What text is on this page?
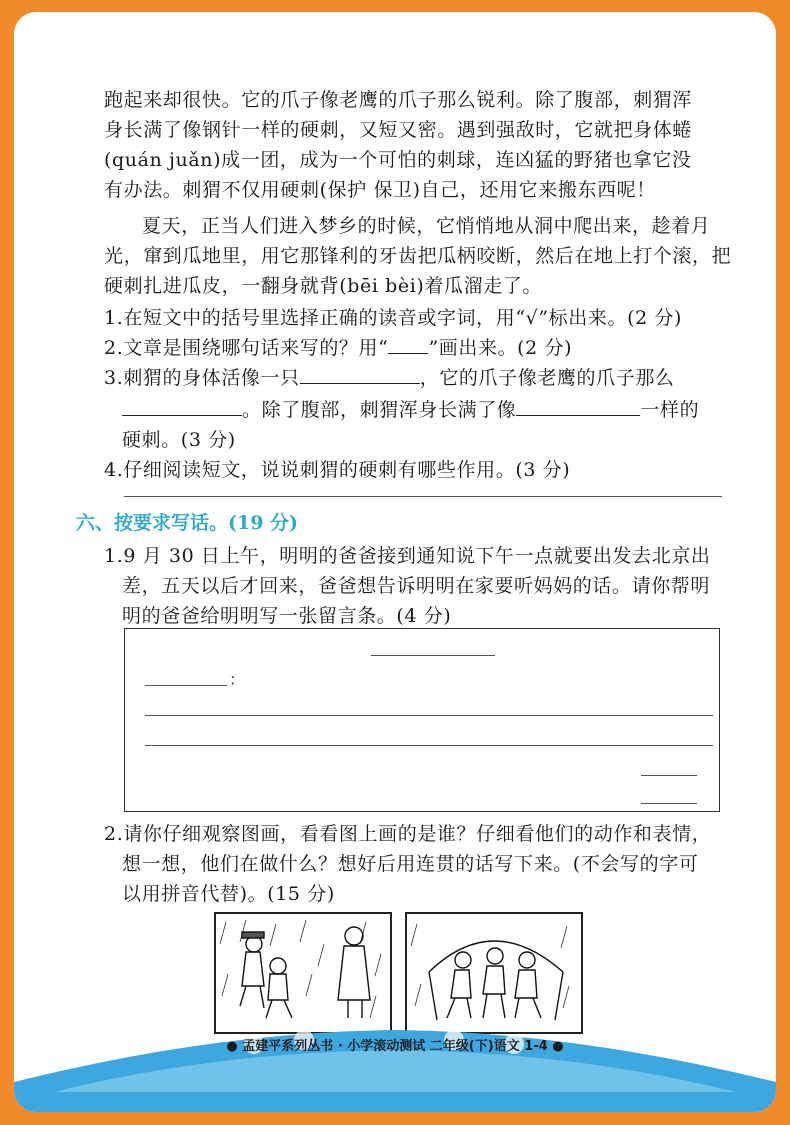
跑起来却很快。它的爪子像老鹰的爪子那么锐利。除了腹部，刺猬浑
身长满了像钢针一样的硬刺，又短又密。遇到强敌时，它就把身体蜷
(quán juǎn)成一团，成为一个可怕的刺球，连凶猛的野猪也拿它没
有办法。刺猬不仅用硬刺(保护 保卫)自己，还用它来搬东西呢！
夏天，正当人们进入梦乡的时候，它悄悄地从洞中爬出来，趁着月
光，窜到瓜地里，用它那锋利的牙齿把瓜柄咬断，然后在地上打个滚，把
硬刺扎进瓜皮，一翻身就背(bēi bèi)着瓜溜走了。
1.在短文中的括号里选择正确的读音或字词，用“√”标出来。(2 分)
2.文章是围绕哪句话来写的？用“ ”画出来。(2 分)
3.刺猬的身体活像一只	，它的爪子像老鹰的爪子那么
。除了腹部，刺猬浑身长满了像	一样的
硬刺。(3 分)
4.仔细阅读短文，说说刺猬的硬刺有哪些作用。(3 分)
六、按要求写话。(19 分)
1.9 月 30 日上午，明明的爸爸接到通知说下午一点就要出发去北京出
差，五天以后才回来，爸爸想告诉明明在家要听妈妈的话。请你帮明
明的爸爸给明明写一张留言条。(4 分)
：
2.请你仔细观察图画，看看图上画的是谁？仔细看他们的动作和表情，
想一想，他们在做什么？想好后用连贯的话写下来。(不会写的字可
以用拼音代替)。(15 分)
● 孟建平系列丛书 · 小学滚动测试 二年级(下)语文 1-4 ●
